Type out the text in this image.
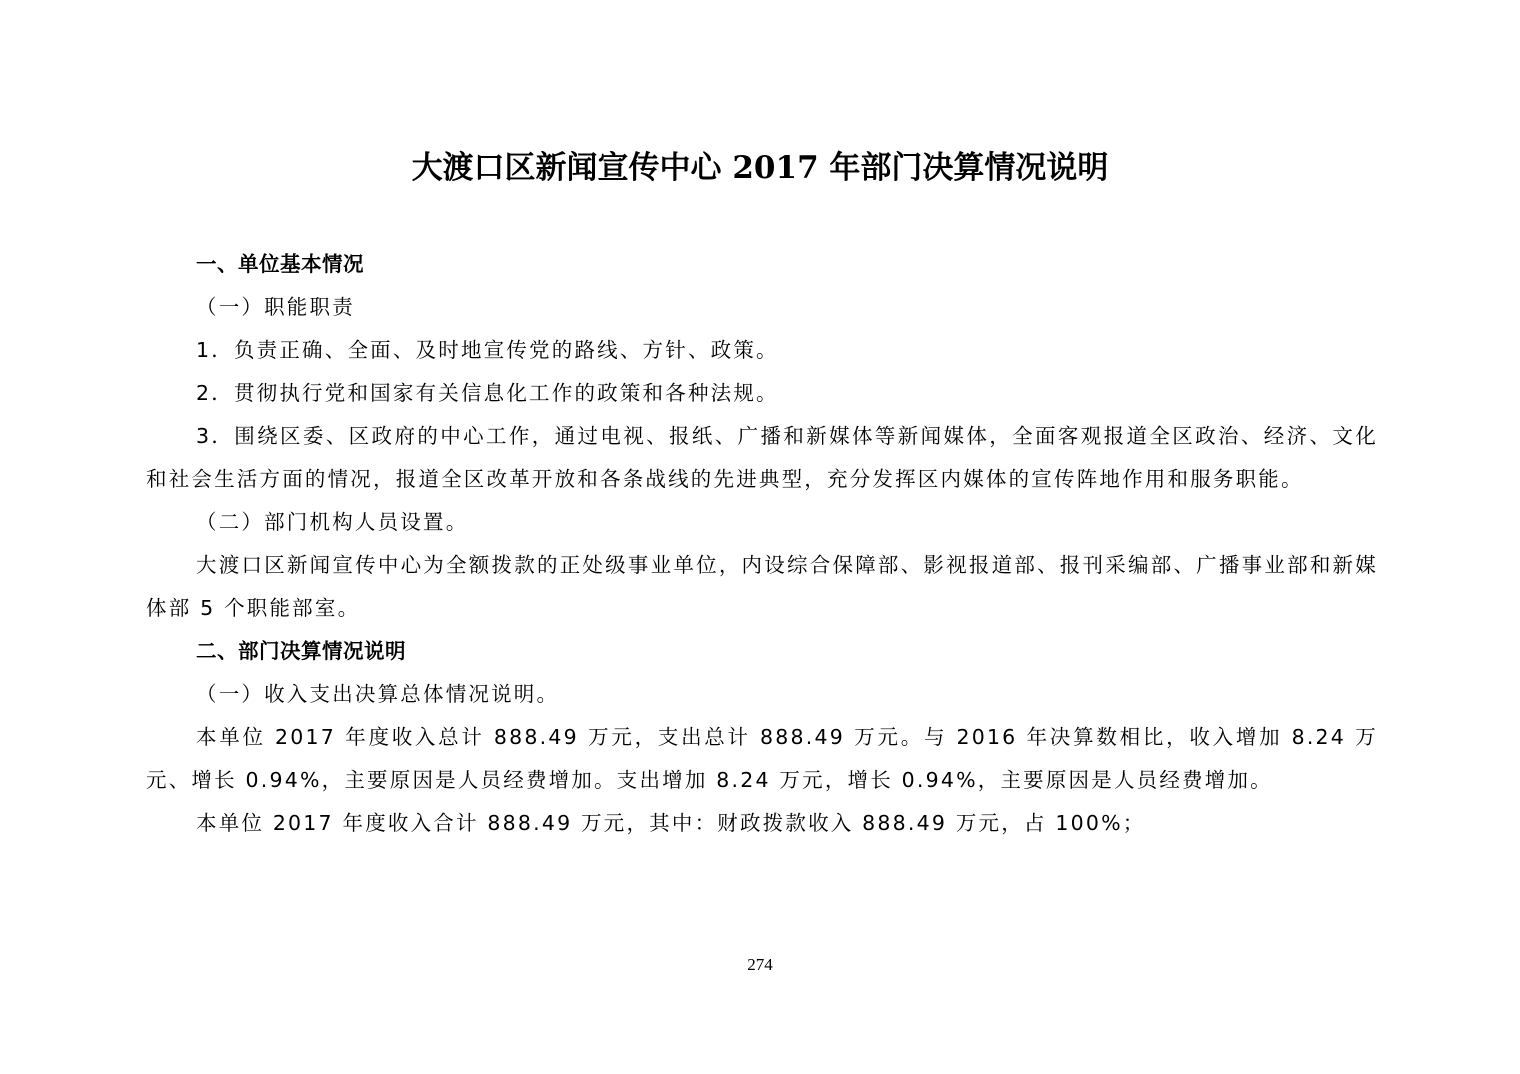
大渡口区新闻宣传中心 2017 年部门决算情况说明

一、单位基本情况

（一）职能职责

1．负责正确、全面、及时地宣传党的路线、方针、政策。

2．贯彻执行党和国家有关信息化工作的政策和各种法规。

3．围绕区委、区政府的中心工作，通过电视、报纸、广播和新媒体等新闻媒体，全面客观报道全区政治、经济、文化和社会生活方面的情况，报道全区改革开放和各条战线的先进典型，充分发挥区内媒体的宣传阵地作用和服务职能。

（二）部门机构人员设置。

大渡口区新闻宣传中心为全额拨款的正处级事业单位，内设综合保障部、影视报道部、报刊采编部、广播事业部和新媒体部 5 个职能部室。

二、部门决算情况说明

（一）收入支出决算总体情况说明。

本单位 2017 年度收入总计 888.49 万元，支出总计 888.49 万元。与 2016 年决算数相比，收入增加 8.24 万元、增长 0.94%，主要原因是人员经费增加。支出增加 8.24 万元，增长 0.94%，主要原因是人员经费增加。

本单位 2017 年度收入合计 888.49 万元，其中：财政拨款收入 888.49 万元，占 100%；

274
